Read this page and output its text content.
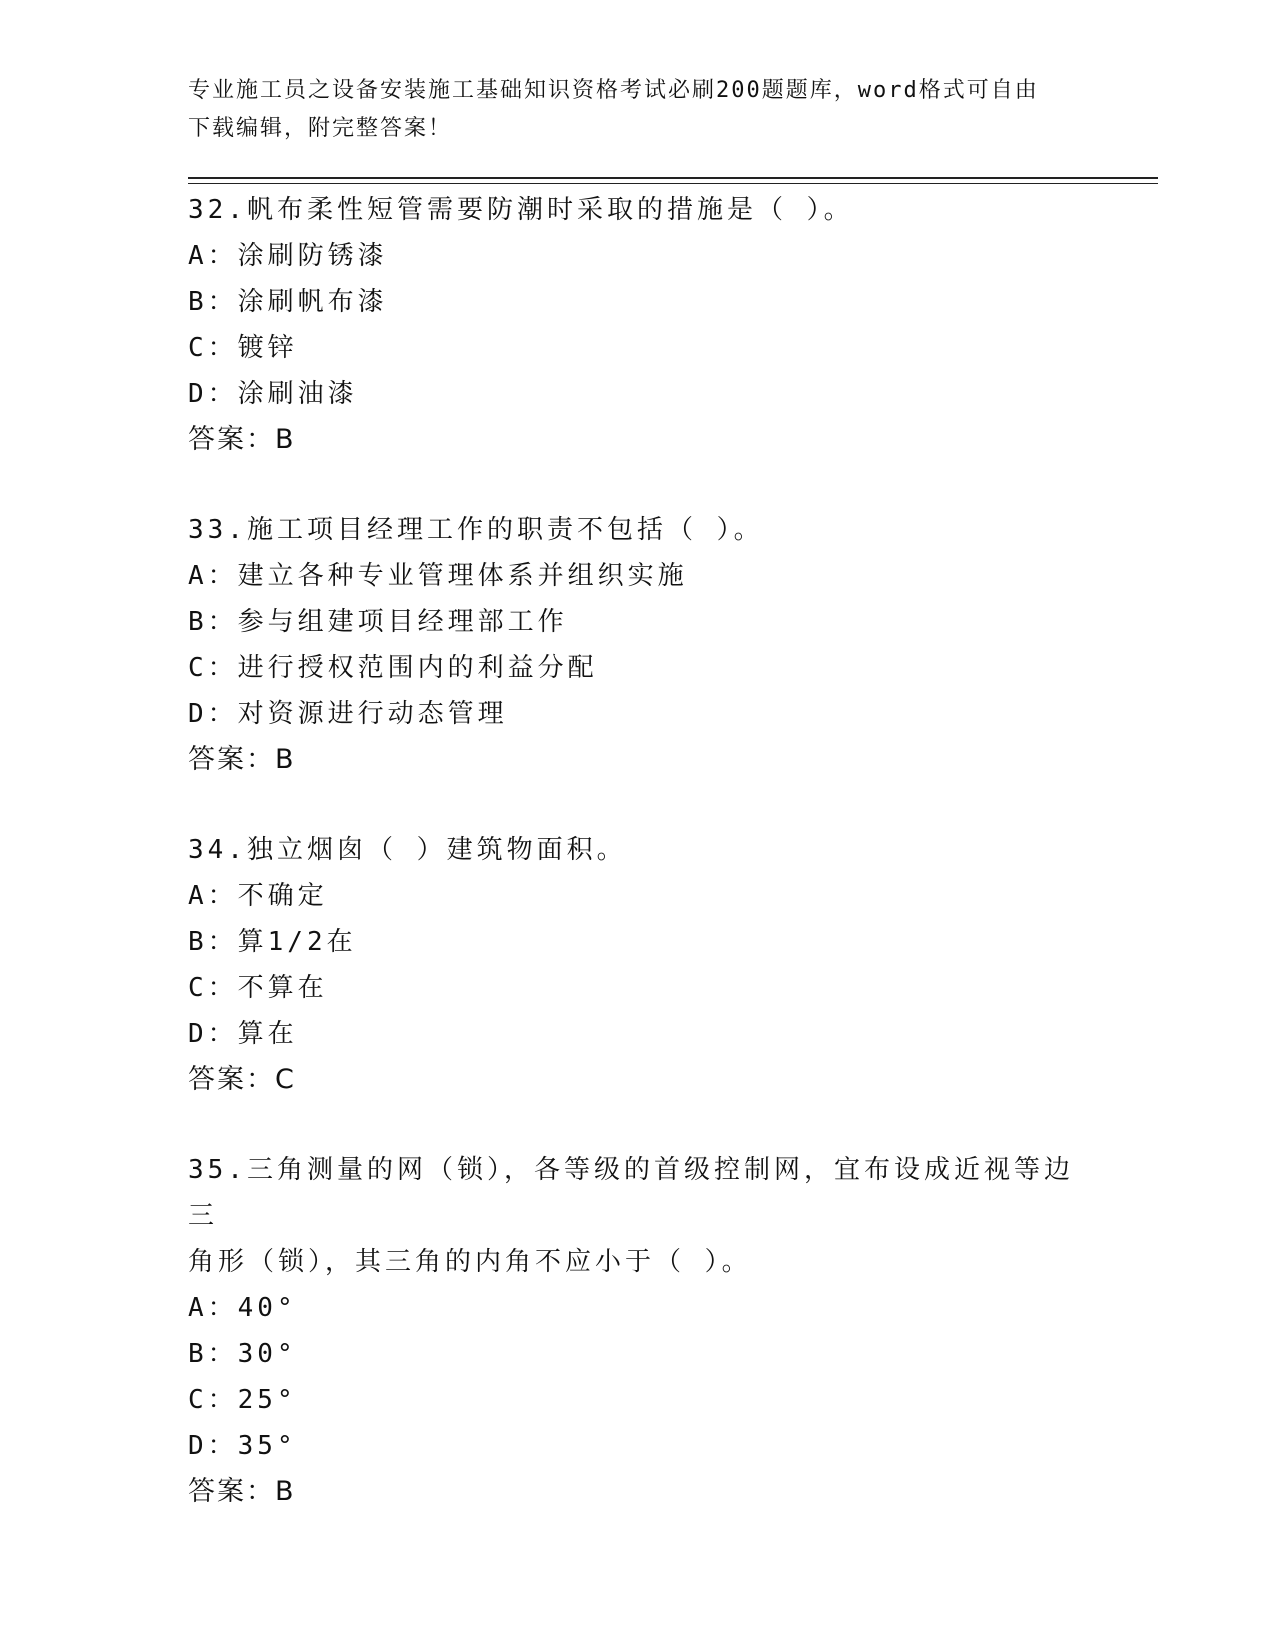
专业施工员之设备安装施工基础知识资格考试必刷200题题库，word格式可自由
下载编辑，附完整答案！
32.帆布柔性短管需要防潮时采取的措施是（ ）。
A：涂刷防锈漆
B：涂刷帆布漆
C：镀锌
D：涂刷油漆
答案：B
33.施工项目经理工作的职责不包括（ ）。
A：建立各种专业管理体系并组织实施
B：参与组建项目经理部工作
C：进行授权范围内的利益分配
D：对资源进行动态管理
答案：B
34.独立烟囱（ ）建筑物面积。
A：不确定
B：算1/2在
C：不算在
D：算在
答案：C
35.三角测量的网（锁），各等级的首级控制网，宜布设成近视等边三
角形（锁），其三角的内角不应小于（ ）。
A：40°
B：30°
C：25°
D：35°
答案：B
